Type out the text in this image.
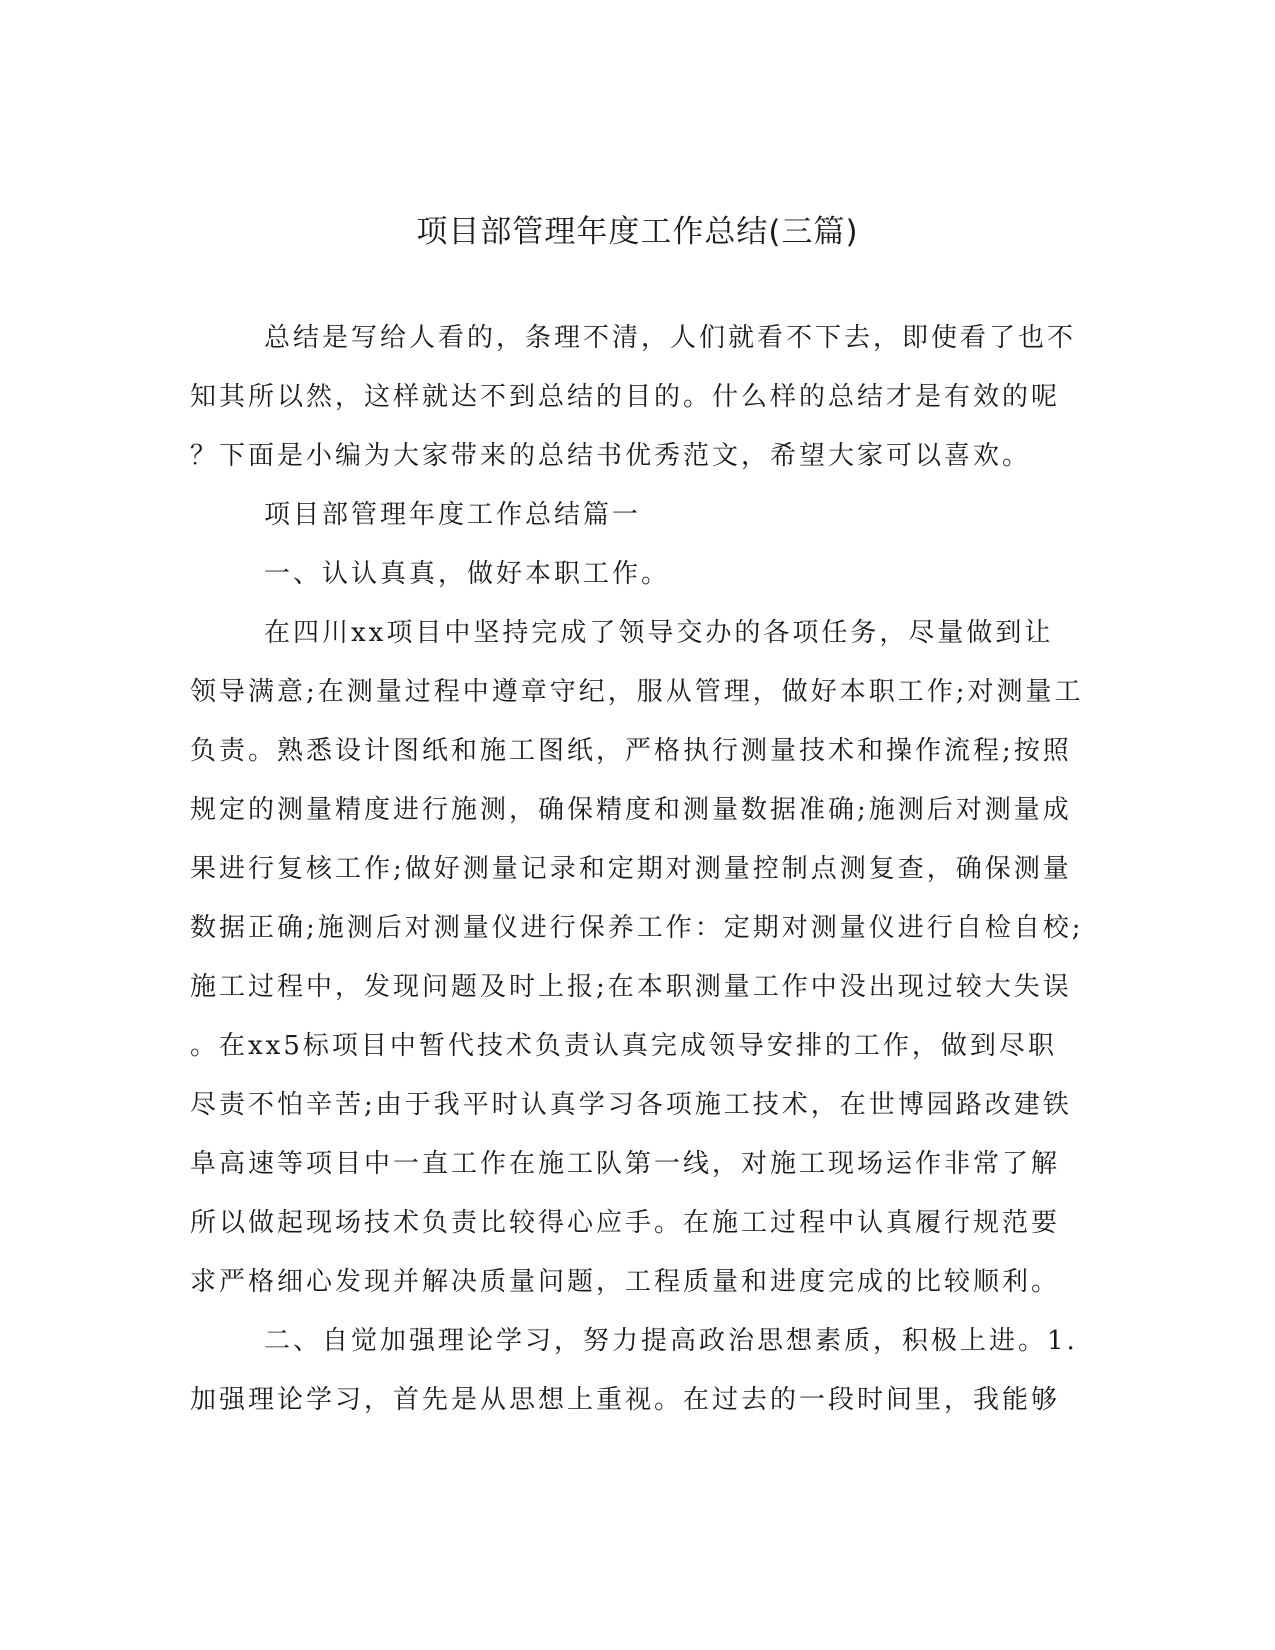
项目部管理年度工作总结(三篇)
总结是写给人看的，条理不清，人们就看不下去，即使看了也不
知其所以然，这样就达不到总结的目的。什么样的总结才是有效的呢
？下面是小编为大家带来的总结书优秀范文，希望大家可以喜欢。
项目部管理年度工作总结篇一
一、认认真真，做好本职工作。
在四川xx项目中坚持完成了领导交办的各项任务，尽量做到让
领导满意;在测量过程中遵章守纪，服从管理，做好本职工作;对测量工
负责。熟悉设计图纸和施工图纸，严格执行测量技术和操作流程;按照
规定的测量精度进行施测，确保精度和测量数据准确;施测后对测量成
果进行复核工作;做好测量记录和定期对测量控制点测复查，确保测量
数据正确;施测后对测量仪进行保养工作：定期对测量仪进行自检自校;
施工过程中，发现问题及时上报;在本职测量工作中没出现过较大失误
。在xx5标项目中暂代技术负责认真完成领导安排的工作，做到尽职
尽责不怕辛苦;由于我平时认真学习各项施工技术，在世博园路改建铁
阜高速等项目中一直工作在施工队第一线，对施工现场运作非常了解
所以做起现场技术负责比较得心应手。在施工过程中认真履行规范要
求严格细心发现并解决质量问题，工程质量和进度完成的比较顺利。
二、自觉加强理论学习，努力提高政治思想素质，积极上进。1.
加强理论学习，首先是从思想上重视。在过去的一段时间里，我能够
